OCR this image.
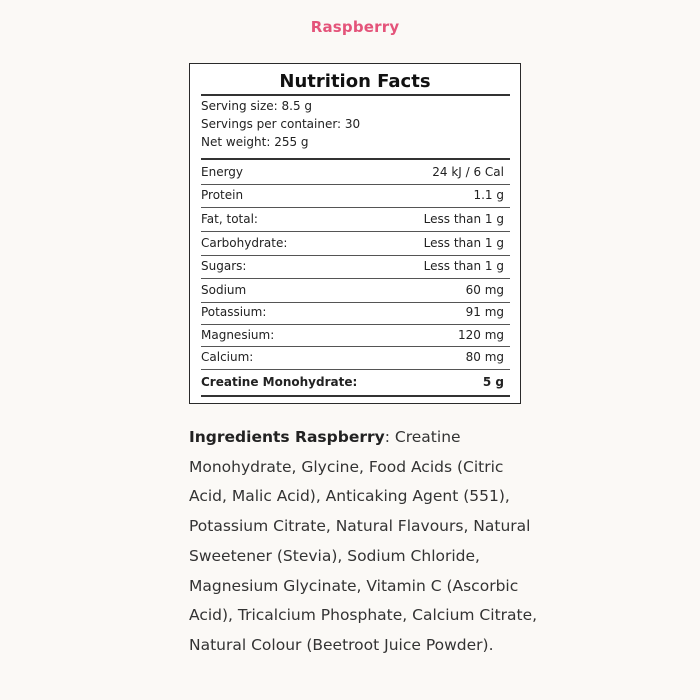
Raspberry
Nutrition Facts
Serving size: 8.5 g
Servings per container: 30
Net weight: 255 g
Energy	24 kJ / 6 Cal
Protein	1.1 g
Fat, total:	Less than 1 g
Carbohydrate:	Less than 1 g
Sugars:	Less than 1 g
Sodium	60 mg
Potassium:	91 mg
Magnesium:	120 mg
Calcium:	80 mg
Creatine Monohydrate:	5 g
Ingredients Raspberry: Creatine Monohydrate, Glycine, Food Acids (Citric Acid, Malic Acid), Anticaking Agent (551), Potassium Citrate, Natural Flavours, Natural Sweetener (Stevia), Sodium Chloride, Magnesium Glycinate, Vitamin C (Ascorbic Acid), Tricalcium Phosphate, Calcium Citrate, Natural Colour (Beetroot Juice Powder).
